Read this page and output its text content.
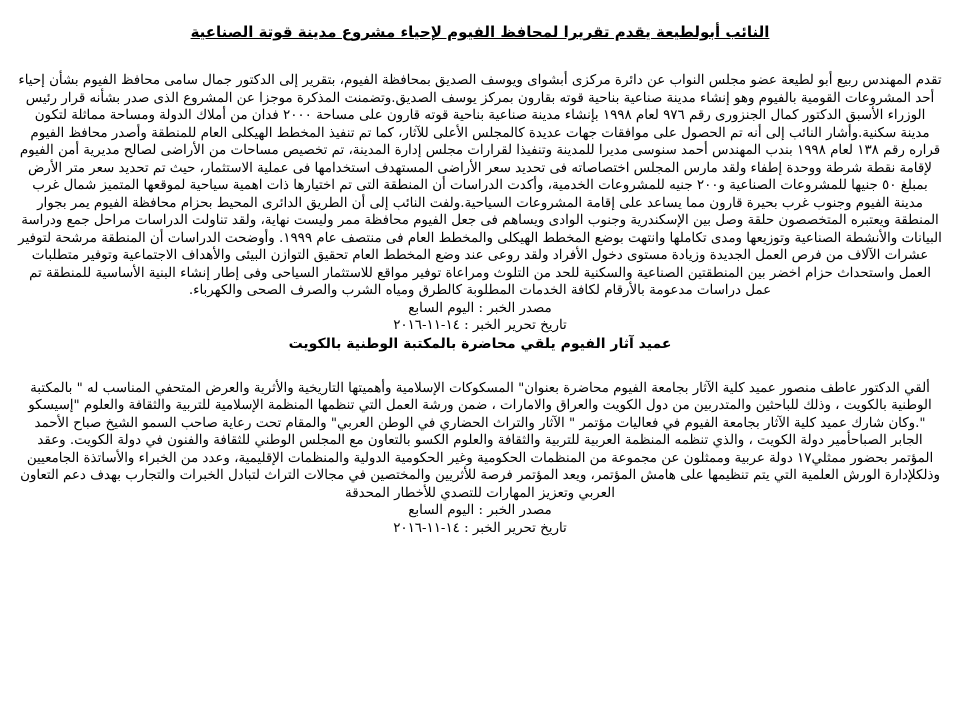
النائب أبولطيعة يقدم تقريرا لمحافظ الفيوم لإحياء مشروع مدينة قوتة الصناعية

تقدم المهندس ربيع أبو لطيعة عضو مجلس النواب عن دائرة مركزى أبشواى ويوسف الصديق بمحافظة الفيوم، بتقرير إلى الدكتور جمال سامى محافظ الفيوم بشأن إحياء أحد المشروعات القومية بالفيوم وهو إنشاء مدينة صناعية بناحية قوته بقارون بمركز يوسف الصديق.وتضمنت المذكرة موجزا عن المشروع الذى صدر بشأنه قرار رئيس الوزراء الأسبق الدكتور كمال الجنزورى رقم ٩٧٦ لعام ١٩٩٨ بإنشاء مدينة صناعية بناحية قوته قارون على مساحة ٢٠٠٠ فدان من أملاك الدولة ومساحة مماثلة لتكون مدينة سكنية.وأشار النائب إلى أنه تم الحصول على موافقات جهات عديدة كالمجلس الأعلى للآثار، كما تم تنفيذ المخطط الهيكلى العام للمنطقة وأصدر محافظ الفيوم قراره رقم ١٣٨ لعام ١٩٩٨ بندب المهندس أحمد سنوسى مديرا للمدينة وتنفيذا لقرارات مجلس إدارة المدينة، تم تخصيص مساحات من الأراضى لصالح مديرية أمن الفيوم لإقامة نقطة شرطة ووحدة إطفاء ولقد مارس المجلس اختصاصاته فى تحديد سعر الأراضى المستهدف استخدامها فى عملية الاستثمار، حيث تم تحديد سعر متر الأرض بمبلغ ٥٠ جنيها للمشروعات الصناعية و٢٠٠ جنيه للمشروعات الخدمية، وأكدت الدراسات أن المنطقة التى تم اختيارها ذات اهمية سياحية لموقعها المتميز شمال غرب مدينة الفيوم وجنوب غرب بحيرة قارون مما يساعد على إقامة المشروعات السياحية.ولفت النائب إلى أن الطريق الدائرى المحيط بحزام محافظة الفيوم يمر بجوار المنطقة ويعتبره المتخصصون حلقة وصل بين الإسكندرية وجنوب الوادى ويساهم فى جعل الفيوم محافظة ممر وليست نهاية، ولقد تناولت الدراسات مراحل جمع ودراسة البيانات والأنشطة الصناعية وتوزيعها ومدى تكاملها وانتهت بوضع المخطط الهيكلى والمخطط العام فى منتصف عام ١٩٩٩. وأوضحت الدراسات أن المنطقة مرشحة لتوفير عشرات الآلاف من فرص العمل الجديدة وزيادة مستوى دخول الأفراد ولقد روعى عند وضع المخطط العام تحقيق التوازن البيئى والأهداف الاجتماعية وتوفير متطلبات العمل واستحداث حزام اخضر بين المنطقتين الصناعية والسكنية للحد من التلوث ومراعاة توفير مواقع للاستثمار السياحى وفى إطار إنشاء البنية الأساسية للمنطقة تم عمل دراسات مدعومة بالأرقام لكافة الخدمات المطلوبة كالطرق ومياه الشرب والصرف الصحى والكهرباء.

مصدر الخبر : اليوم السابع

تاريخ تحرير الخبر : ١٤-١١-٢٠١٦

عميد آثار الفيوم يلقي محاضرة بالمكتبة الوطنية بالكويت

ألقي الدكتور عاطف منصور عميد كلية الآثار بجامعة الفيوم محاضرة بعنوان" المسكوكات الإسلامية وأهميتها التاريخية والأثرية والعرض المتحفي المناسب له " بالمكتبة الوطنية بالكويت ، وذلك للباحثين والمتدربين من دول الكويت والعراق والامارات ، ضمن ورشة العمل التي تنظمها المنظمة الإسلامية للتربية والثقافة والعلوم "إسيسكو ".وكان شارك عميد كلية الآثار بجامعة الفيوم في فعاليات مؤتمر " الآثار والتراث الحضاري في الوطن العربي" والمقام تحت رعاية صاحب السمو الشيخ صباح الأحمد الجابر الصباحأمير دولة الكويت ، والذي تنظمه المنظمة العربية للتربية والثقافة والعلوم الكسو بالتعاون مع المجلس الوطني للثقافة والفنون في دولة الكويت. وعقد المؤتمر بحضور ممثلي١٧ دولة عربية وممثلون عن مجموعة من المنظمات الحكومية وغير الحكومية الدولية والمنظمات الإقليمية، وعدد من الخبراء والأساتذة الجامعيين وذلكلإدارة الورش العلمية التي يتم تنظيمها على هامش المؤتمر، ويعد المؤتمر فرصة للأثريين والمختصين في مجالات التراث لتبادل الخبرات والتجارب بهدف دعم التعاون العربي وتعزيز المهارات للتصدي للأخطار المحدقة

مصدر الخبر : اليوم السابع

تاريخ تحرير الخبر : ١٤-١١-٢٠١٦
